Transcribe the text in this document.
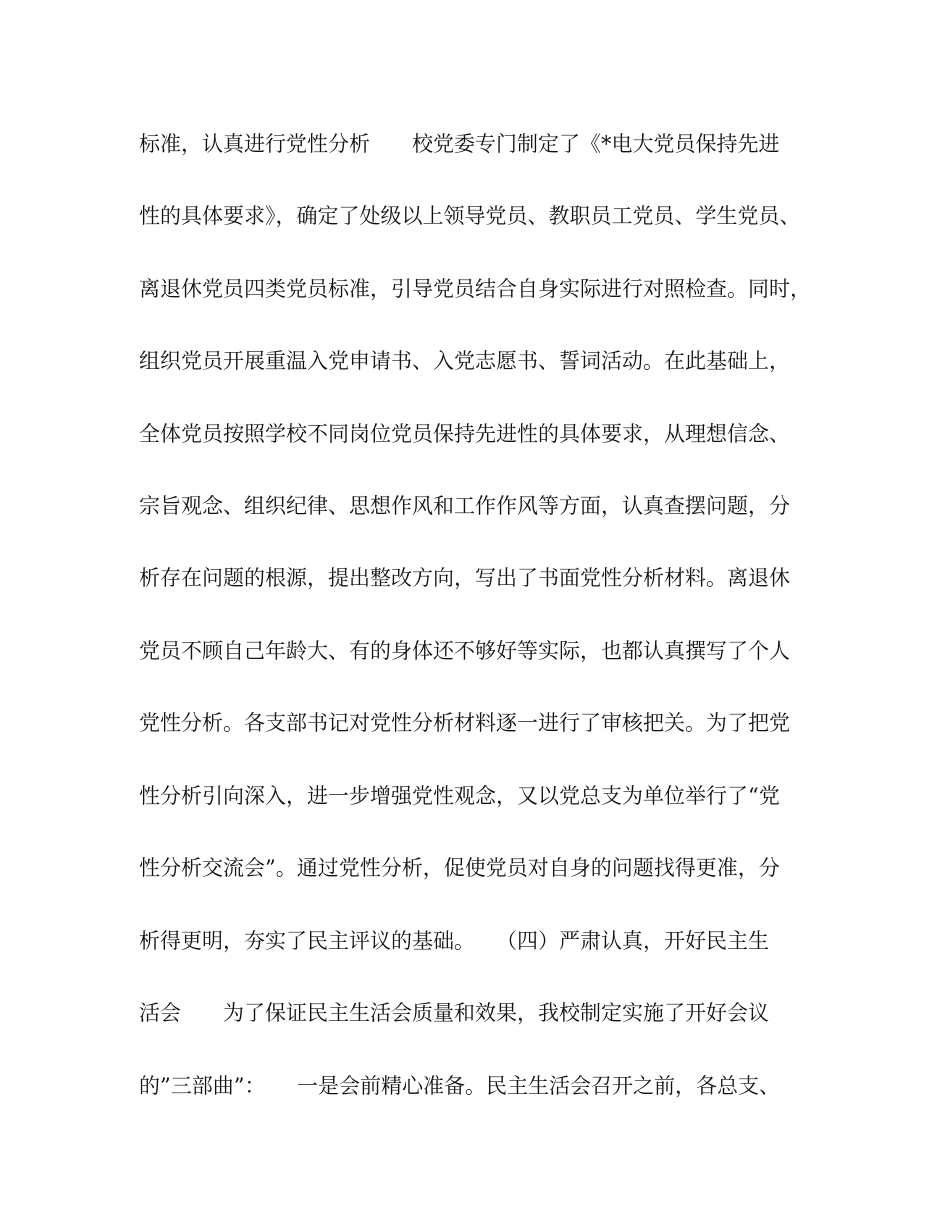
标准，认真进行党性分析　　校党委专门制定了《*电大党员保持先进
性的具体要求》，确定了处级以上领导党员、教职员工党员、学生党员、
离退休党员四类党员标准，引导党员结合自身实际进行对照检查。同时，
组织党员开展重温入党申请书、入党志愿书、誓词活动。在此基础上，
全体党员按照学校不同岗位党员保持先进性的具体要求，从理想信念、
宗旨观念、组织纪律、思想作风和工作作风等方面，认真查摆问题，分
析存在问题的根源，提出整改方向，写出了书面党性分析材料。离退休
党员不顾自己年龄大、有的身体还不够好等实际，也都认真撰写了个人
党性分析。各支部书记对党性分析材料逐一进行了审核把关。为了把党
性分析引向深入，进一步增强党性观念，又以党总支为单位举行了“党
性分析交流会”。通过党性分析，促使党员对自身的问题找得更准，分
析得更明，夯实了民主评议的基础。　　（四）严肃认真，开好民主生
活会　　为了保证民主生活会质量和效果，我校制定实施了开好会议
的”三部曲”：　　一是会前精心准备。民主生活会召开之前，各总支、
